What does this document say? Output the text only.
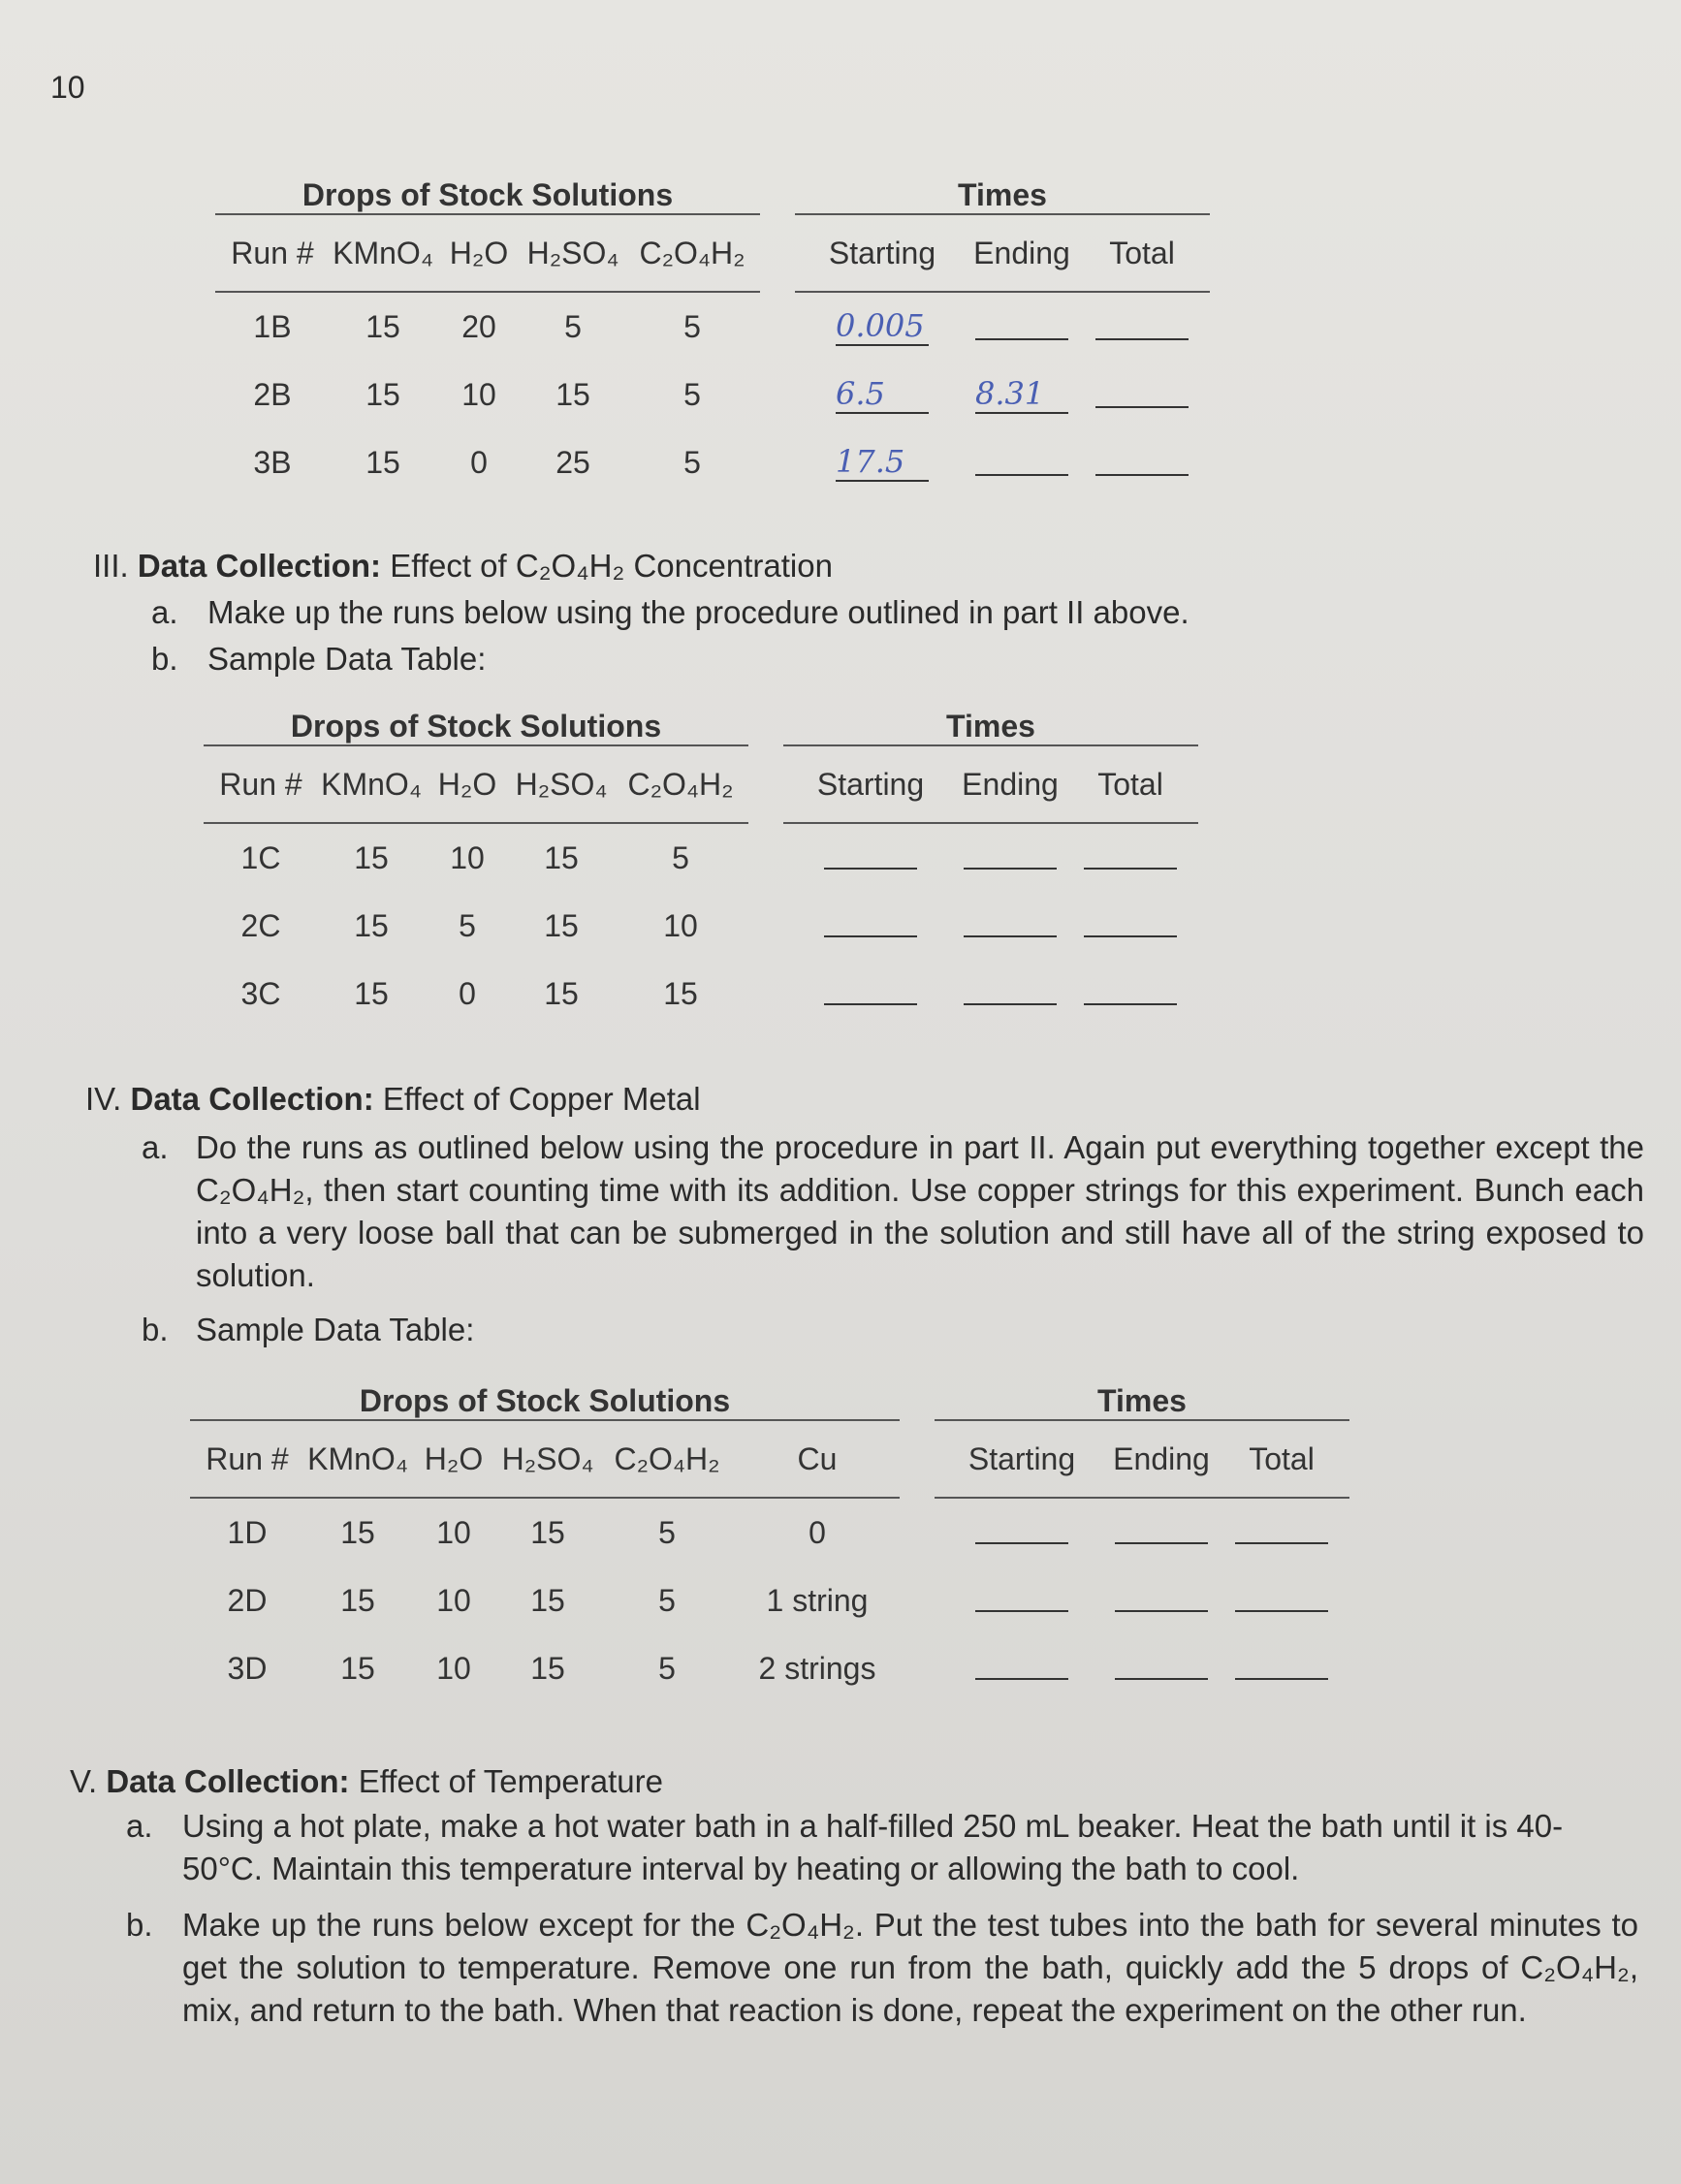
10
Drops of Stock Solutions						Times		
Run #	KMnO₄	H₂O	H₂SO₄	C₂O₄H₂		Starting	Ending	Total
1B	15	20	5	5		0.005		
2B	15	10	15	5		6.5	8.31	
3B	15	0	25	5		17.5		
III. Data Collection: Effect of C₂O₄H₂ Concentration
a. Make up the runs below using the procedure outlined in part II above.
b. Sample Data Table:
Drops of Stock Solutions						Times		
Run #	KMnO₄	H₂O	H₂SO₄	C₂O₄H₂		Starting	Ending	Total
1C	15	10	15	5				
2C	15	5	15	10				
3C	15	0	15	15				
IV. Data Collection: Effect of Copper Metal
a. Do the runs as outlined below using the procedure in part II. Again put everything together except the C₂O₄H₂, then start counting time with its addition. Use copper strings for this experiment. Bunch each into a very loose ball that can be submerged in the solution and still have all of the string exposed to solution.
b. Sample Data Table:
Drops of Stock Solutions							Times		
Run #	KMnO₄	H₂O	H₂SO₄	C₂O₄H₂	Cu		Starting	Ending	Total
1D	15	10	15	5	0				
2D	15	10	15	5	1 string				
3D	15	10	15	5	2 strings				
V. Data Collection: Effect of Temperature
a. Using a hot plate, make a hot water bath in a half-filled 250 mL beaker. Heat the bath until it is 40-50°C. Maintain this temperature interval by heating or allowing the bath to cool.
b. Make up the runs below except for the C₂O₄H₂. Put the test tubes into the bath for several minutes to get the solution to temperature. Remove one run from the bath, quickly add the 5 drops of C₂O₄H₂, mix, and return to the bath. When that reaction is done, repeat the experiment on the other run.
